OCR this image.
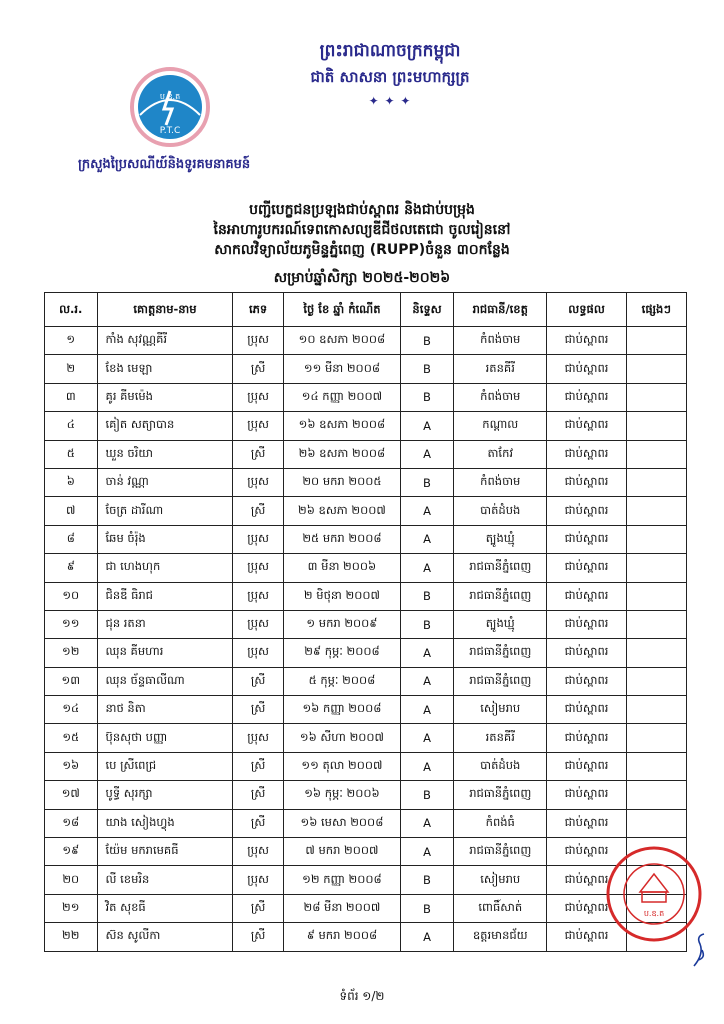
ព្រះរាជាណាចក្រកម្ពុជា
ជាតិ សាសនា ព្រះមហាក្សត្រ
✦ ✦ ✦
ប.ឧ.ត
P.T.C
ក្រសួងប្រៃសណីយ៍និងទូរគមនាគមន៍
បញ្ជីបេក្ខជនប្រឡងជាប់ស្ពាពរ និងជាប់បម្រុង
នៃអាហារូបករណ៍ទេពកោសល្យឌីជីថលតេជោ ចូលរៀននៅ
សាកលវិទ្យាល័យភូមិន្ទភ្នំពេញ (RUPP)ចំនួន ៣០កន្លែង
សម្រាប់ឆ្នាំសិក្សា ២០២៥-២០២៦
ល.រ.	គោត្តនាម-នាម	ភេទ	ថ្ងៃ ខែ ឆ្នាំ កំណើត	និទ្ទេស	រាជធានី/ខេត្ត	លទ្ធផល	ផ្សេងៗ
១	កាំង សុវណ្ណគីរី	ប្រុស	១០ ឧសភា ២០០៨	B	កំពង់ចាម	ជាប់ស្ពាពរ	
២	ខែង មេឡា	ស្រី	១១ មីនា ២០០៨	B	រតនគីរី	ជាប់ស្ពាពរ	
៣	គូរ គីមម៉េង	ប្រុស	១៤ កញ្ញា ២០០៧	B	កំពង់ចាម	ជាប់ស្ពាពរ	
៤	គៀត សត្យាបាន	ប្រុស	១៦ ឧសភា ២០០៨	A	កណ្តាល	ជាប់ស្ពាពរ	
៥	ឃួន ចរិយា	ស្រី	២៦ ឧសភា ២០០៨	A	តាកែវ	ជាប់ស្ពាពរ	
៦	ចាន់ វណ្ណា	ប្រុស	២០ មករា ២០០៥	B	កំពង់ចាម	ជាប់ស្ពាពរ	
៧	ចែត្រ ដារីណា	ស្រី	២៦ ឧសភា ២០០៧	A	បាត់ដំបង	ជាប់ស្ពាពរ	
៨	ឆែម ចំរ៉ុង	ប្រុស	២៥ មករា ២០០៨	A	ត្បូងឃ្មុំ	ជាប់ស្ពាពរ	
៩	ជា ហេងហុក	ប្រុស	៣ មីនា ២០០៦	A	រាជធានីភ្នំពេញ	ជាប់ស្ពាពរ	
១០	ជិនឌី ធិរាជ	ប្រុស	២ មិថុនា ២០០៧	B	រាជធានីភ្នំពេញ	ជាប់ស្ពាពរ	
១១	ជុន រតនា	ប្រុស	១ មករា ២០០៩	B	ត្បូងឃ្មុំ	ជាប់ស្ពាពរ	
១២	ឈុន គីមហារ	ប្រុស	២៩ កុម្ភៈ ២០០៨	A	រាជធានីភ្នំពេញ	ជាប់ស្ពាពរ	
១៣	ឈុន ច័ន្ទធាលីណា	ស្រី	៥ កុម្ភៈ ២០០៨	A	រាជធានីភ្នំពេញ	ជាប់ស្ពាពរ	
១៤	នាថ និតា	ស្រី	១៦ កញ្ញា ២០០៨	A	សៀមរាប	ជាប់ស្ពាពរ	
១៥	ប៊ុនសុថា បញ្ញា	ប្រុស	១៦ សីហា ២០០៧	A	រតនគីរី	ជាប់ស្ពាពរ	
១៦	បេ ស្រីពេជ្រ	ស្រី	១១ តុលា ២០០៧	A	បាត់ដំបង	ជាប់ស្ពាពរ	
១៧	បូទ្ធី សុរក្សា	ស្រី	១៦ កុម្ភៈ ២០០៦	B	រាជធានីភ្នំពេញ	ជាប់ស្ពាពរ	
១៨	យាង សៀងហ្វុង	ស្រី	១៦ មេសា ២០០៨	A	កំពង់ធំ	ជាប់ស្ពាពរ	
១៩	យ៉ែម មករាមេគធី	ប្រុស	៧ មករា ២០០៧	A	រាជធានីភ្នំពេញ	ជាប់ស្ពាពរ	
២០	លី ខេមរិន	ប្រុស	១២ កញ្ញា ២០០៨	B	សៀមរាប	ជាប់ស្ពាពរ	
២១	វិត សុខធី	ស្រី	២៨ មីនា ២០០៧	B	ពោធិ៍សាត់	ជាប់ស្ពាពរ	
២២	ស៊ន សូលីកា	ស្រី	៩ មករា ២០០៨	A	ឧត្តរមានជ័យ	ជាប់ស្ពាពរ	
ប.ឧ.ត
ទំព័រ ១/២
